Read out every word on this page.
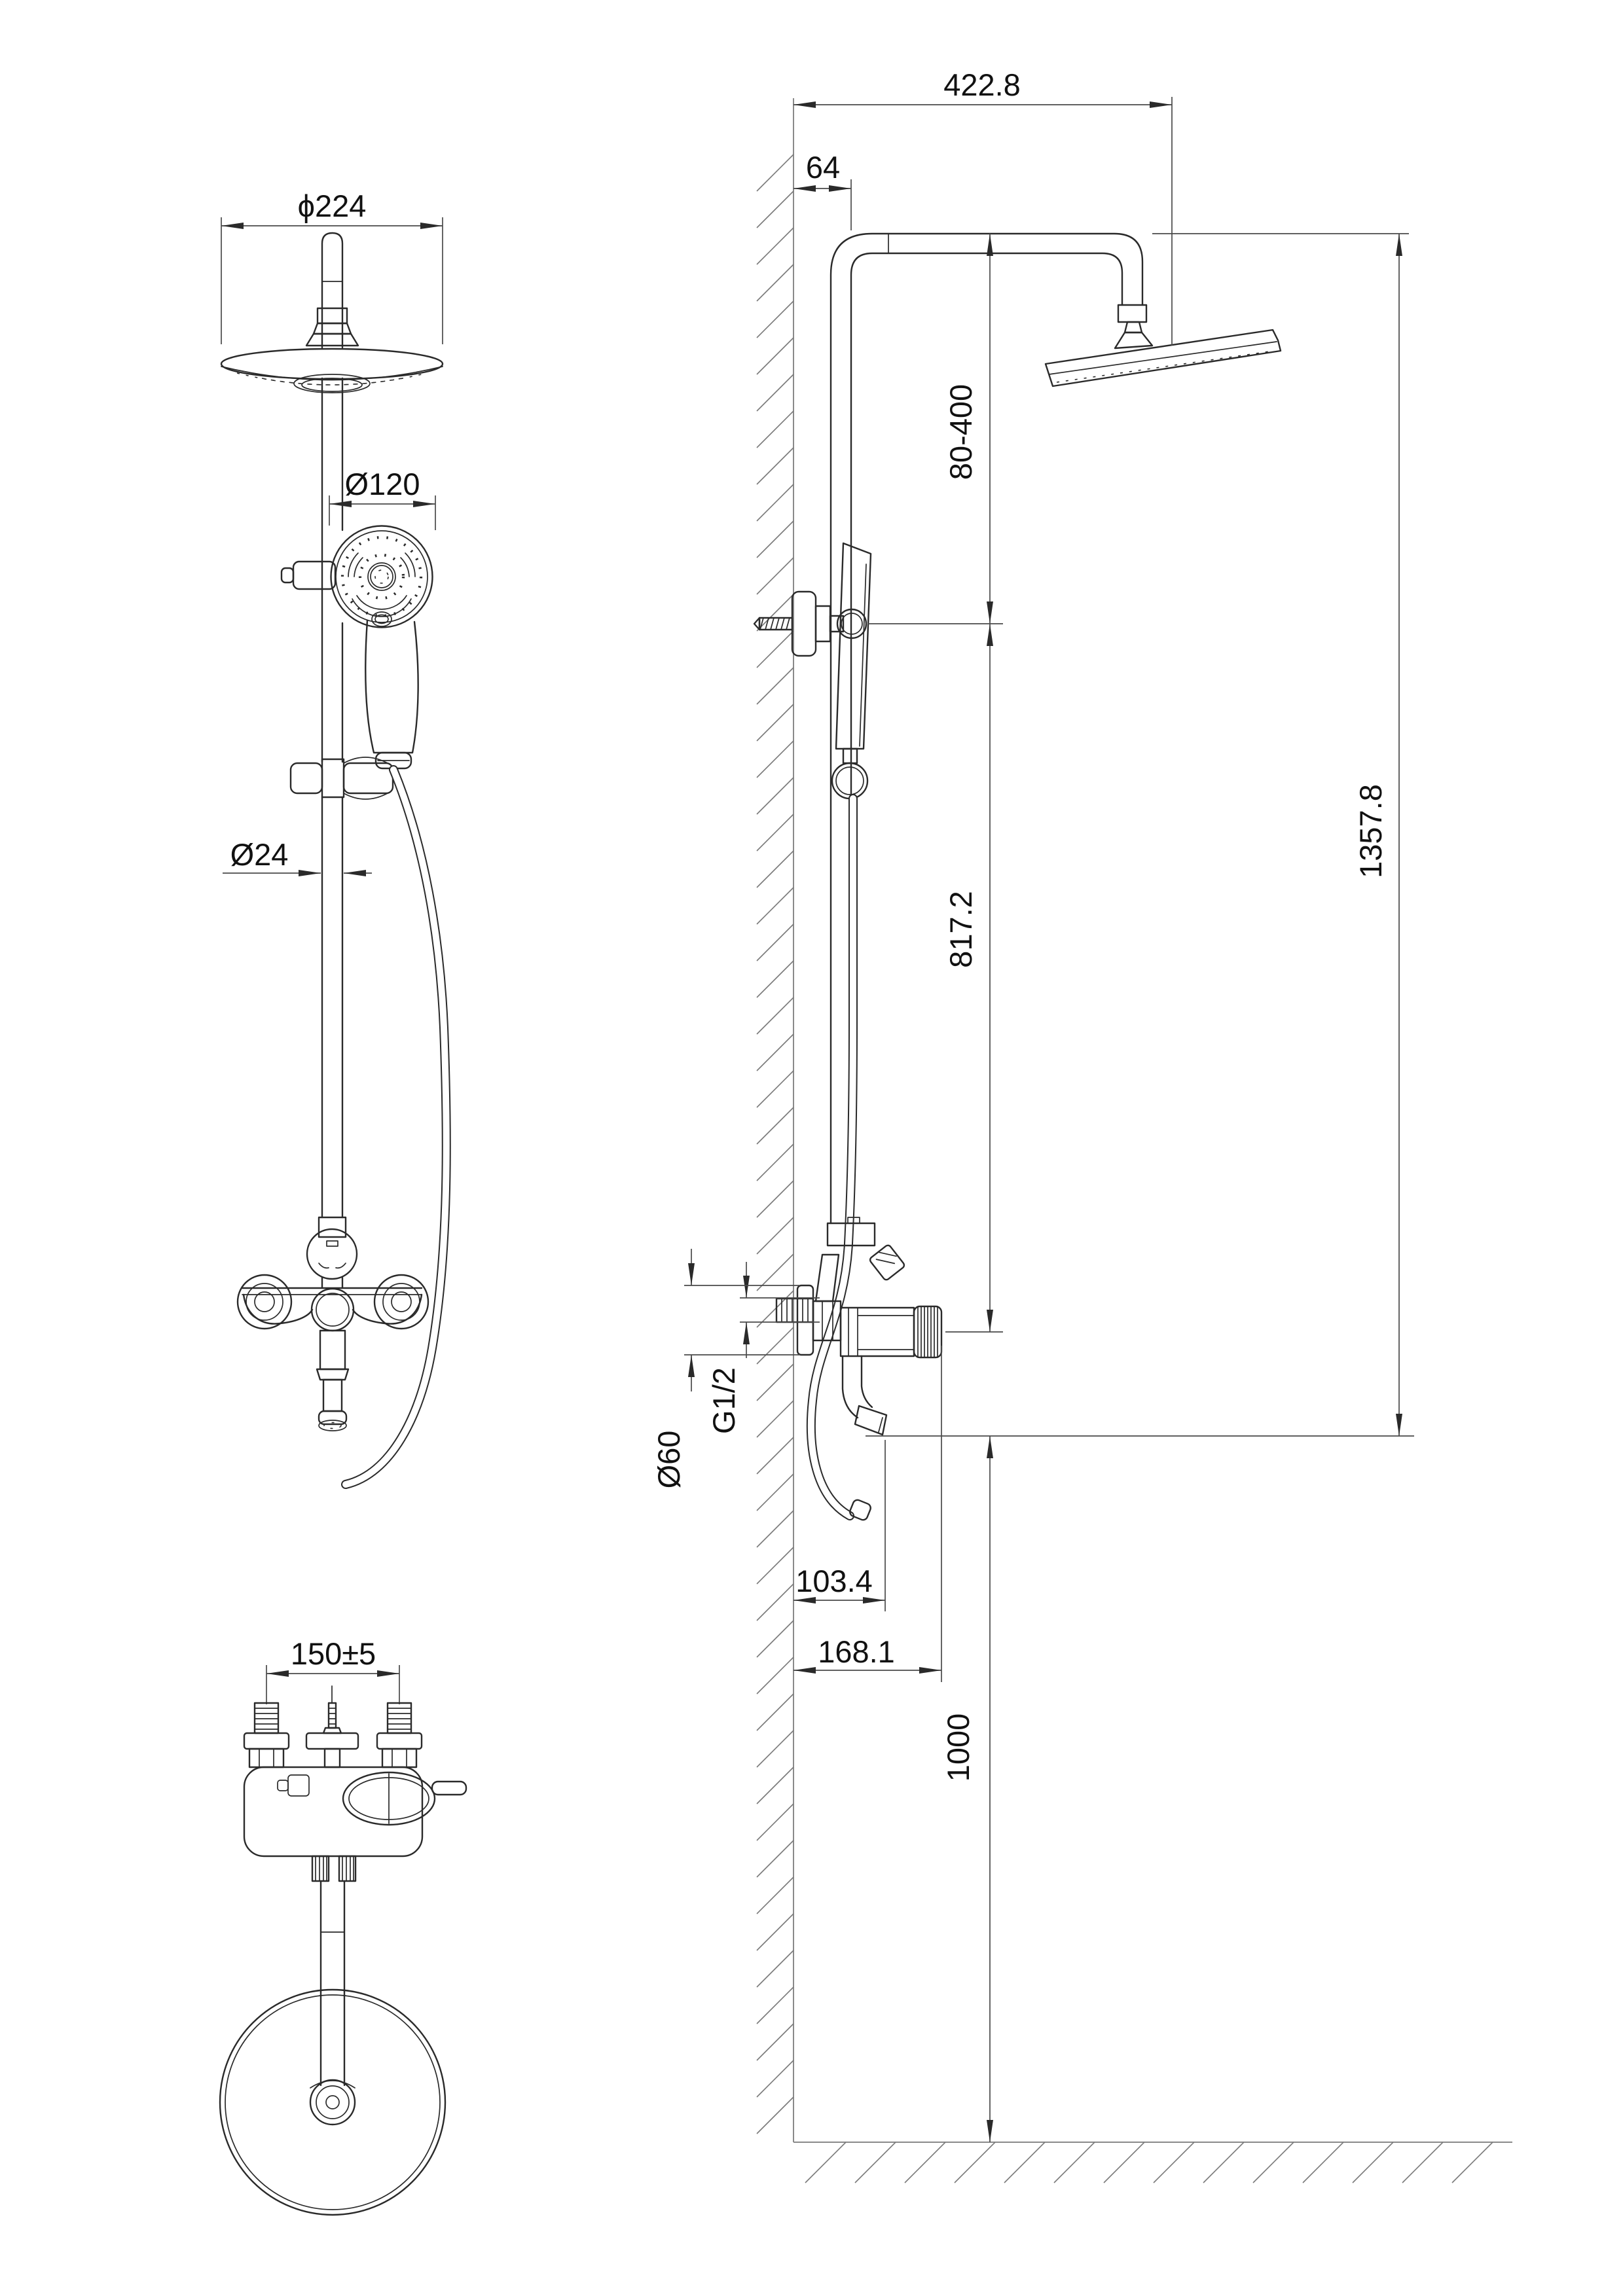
ϕ224
Ø120
Ø24
150±5
422.8
64
80-400
817.2
1357.8
1000
G1/2
Ø60
103.4
168.1
